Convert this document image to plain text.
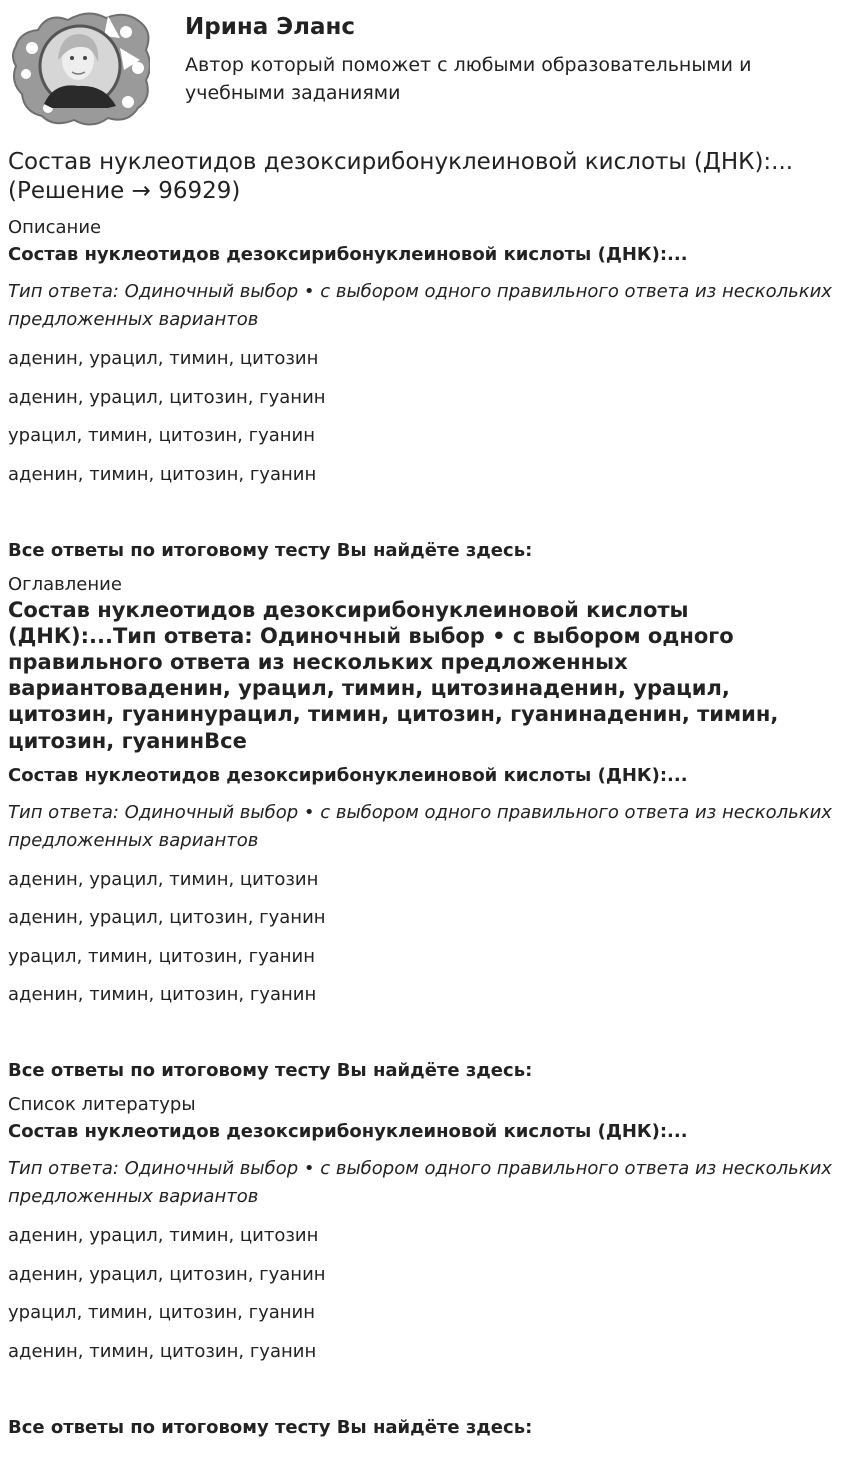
Ирина Эланс
Автор который поможет с любыми образовательными и учебными заданиями
Состав нуклеотидов дезоксирибонуклеиновой кислоты (ДНК):... (Решение → 96929)
Описание
Состав нуклеотидов дезоксирибонуклеиновой кислоты (ДНК):...
Тип ответа: Одиночный выбор • с выбором одного правильного ответа из нескольких предложенных вариантов
аденин, урацил, тимин, цитозин
аденин, урацил, цитозин, гуанин
урацил, тимин, цитозин, гуанин
аденин, тимин, цитозин, гуанин
Все ответы по итоговому тесту Вы найдёте здесь:
Оглавление
Состав нуклеотидов дезоксирибонуклеиновой кислоты (ДНК):...Тип ответа: Одиночный выбор • с выбором одного правильного ответа из нескольких предложенных вариантоваденин, урацил, тимин, цитозинаденин, урацил, цитозин, гуанинурацил, тимин, цитозин, гуанинаденин, тимин, цитозин, гуанинВсе
Состав нуклеотидов дезоксирибонуклеиновой кислоты (ДНК):...
Тип ответа: Одиночный выбор • с выбором одного правильного ответа из нескольких предложенных вариантов
аденин, урацил, тимин, цитозин
аденин, урацил, цитозин, гуанин
урацил, тимин, цитозин, гуанин
аденин, тимин, цитозин, гуанин
Все ответы по итоговому тесту Вы найдёте здесь:
Список литературы
Состав нуклеотидов дезоксирибонуклеиновой кислоты (ДНК):...
Тип ответа: Одиночный выбор • с выбором одного правильного ответа из нескольких предложенных вариантов
аденин, урацил, тимин, цитозин
аденин, урацил, цитозин, гуанин
урацил, тимин, цитозин, гуанин
аденин, тимин, цитозин, гуанин
Все ответы по итоговому тесту Вы найдёте здесь:
